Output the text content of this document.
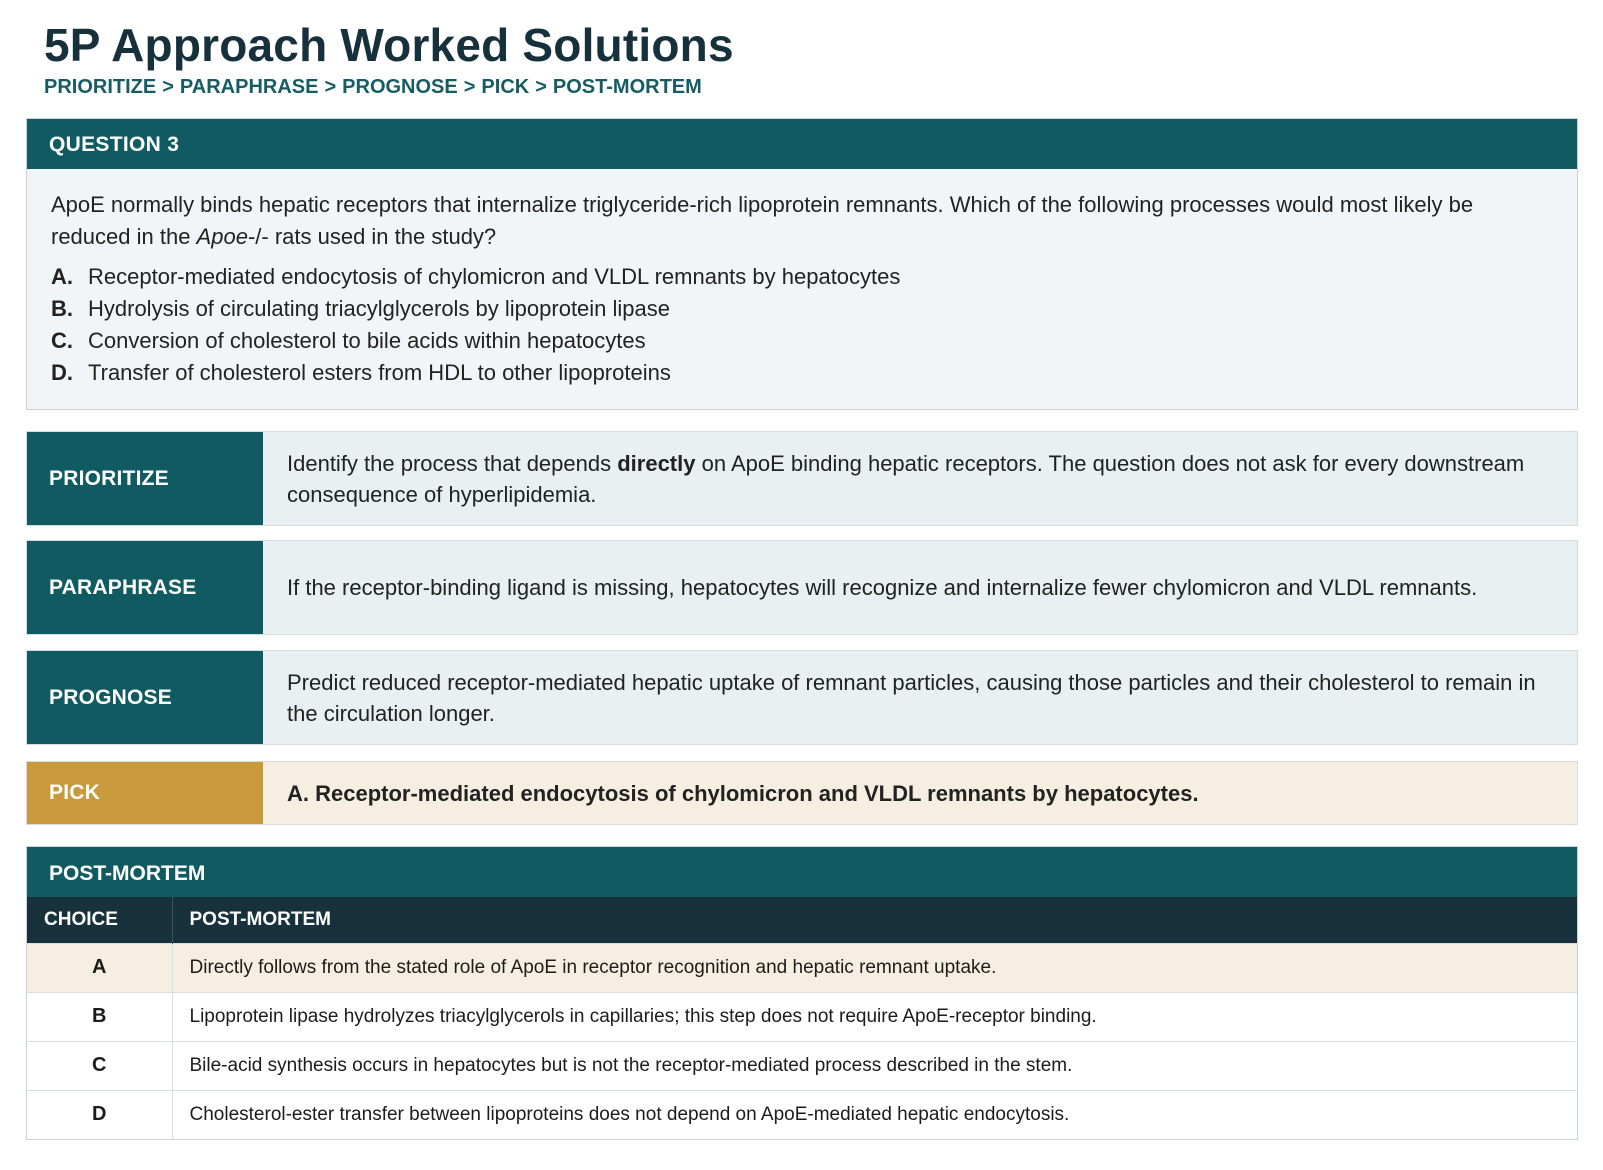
5P Approach Worked Solutions
PRIORITIZE > PARAPHRASE > PROGNOSE > PICK > POST-MORTEM
QUESTION 3

ApoE normally binds hepatic receptors that internalize triglyceride-rich lipoprotein remnants. Which of the following processes would most likely be reduced in the Apoe-/- rats used in the study?

A. Receptor-mediated endocytosis of chylomicron and VLDL remnants by hepatocytes
B. Hydrolysis of circulating triacylglycerols by lipoprotein lipase
C. Conversion of cholesterol to bile acids within hepatocytes
D. Transfer of cholesterol esters from HDL to other lipoproteins
PRIORITIZE

Identify the process that depends directly on ApoE binding hepatic receptors. The question does not ask for every downstream consequence of hyperlipidemia.

PARAPHRASE	If the receptor-binding ligand is missing, hepatocytes will recognize and internalize fewer chylomicron and VLDL remnants.

PROGNOSE

Predict reduced receptor-mediated hepatic uptake of remnant particles, causing those particles and their cholesterol to remain in the circulation longer.

PICK	A. Receptor-mediated endocytosis of chylomicron and VLDL remnants by hepatocytes.

POST-MORTEM
CHOICE	POST-MORTEM
A	Directly follows from the stated role of ApoE in receptor recognition and hepatic remnant uptake.
B	Lipoprotein lipase hydrolyzes triacylglycerols in capillaries; this step does not require ApoE-receptor binding.
C	Bile-acid synthesis occurs in hepatocytes but is not the receptor-mediated process described in the stem.
D	Cholesterol-ester transfer between lipoproteins does not depend on ApoE-mediated hepatic endocytosis.
